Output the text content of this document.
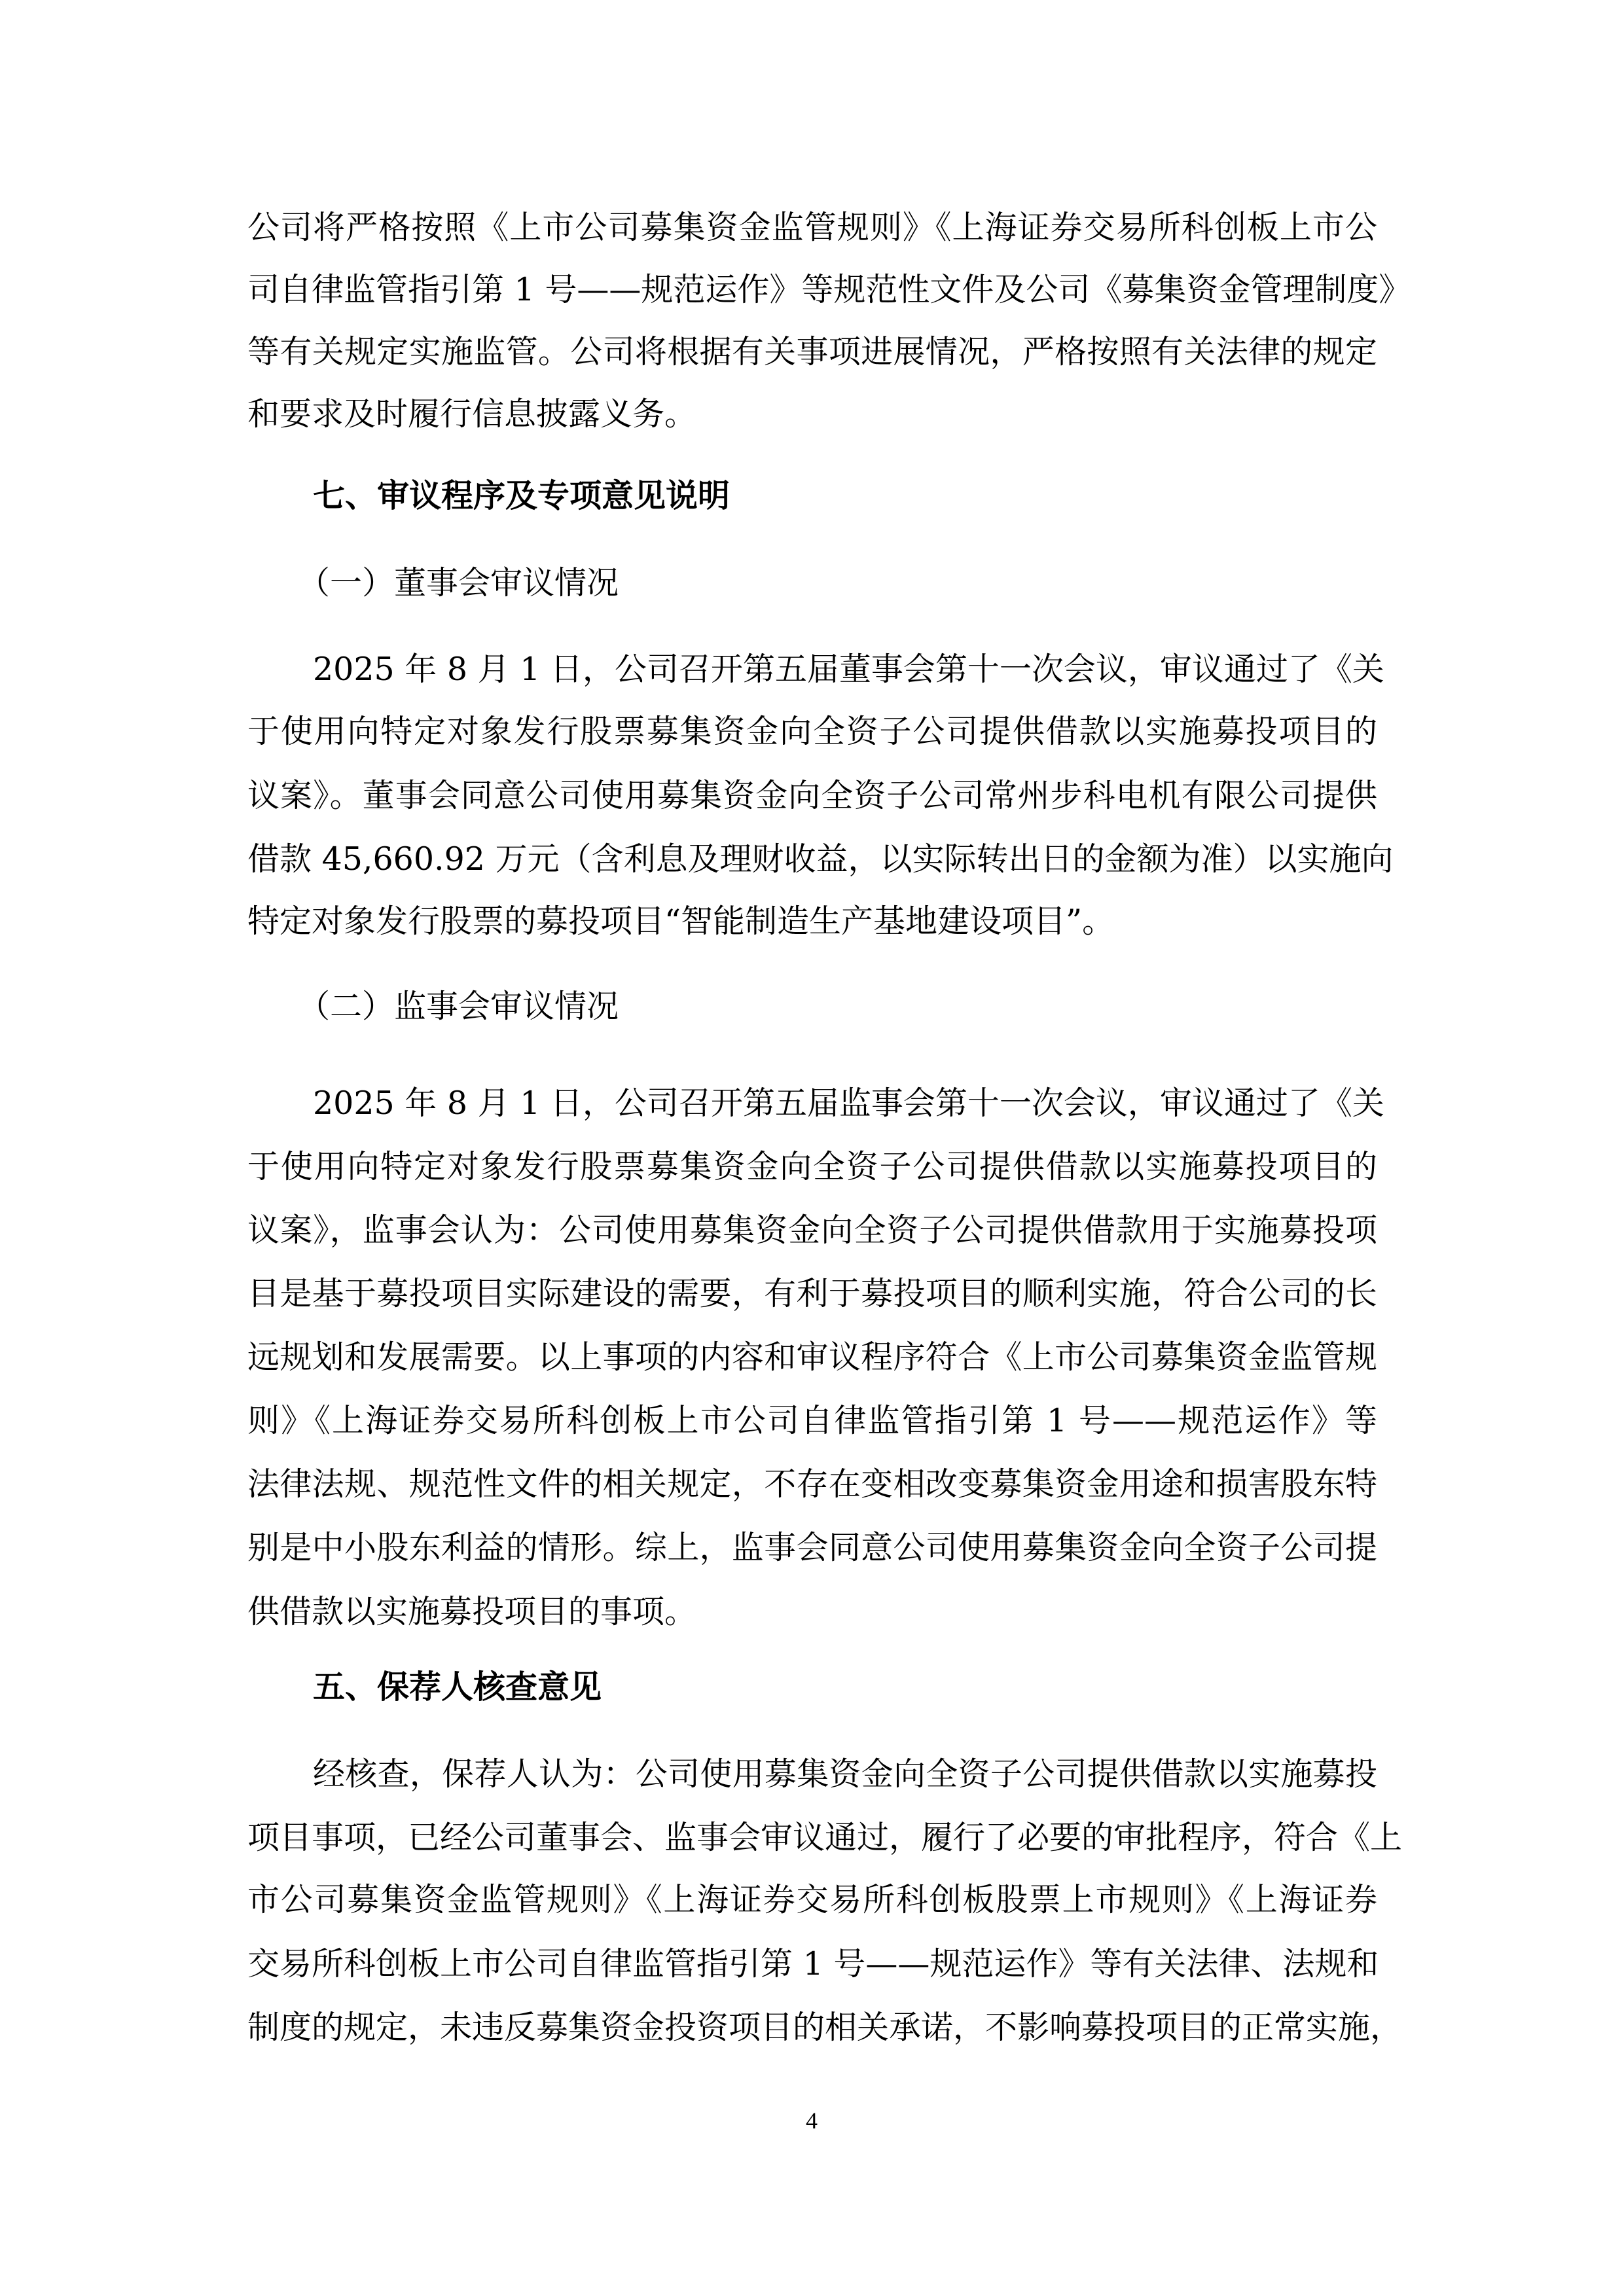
公司将严格按照《上市公司募集资金监管规则》《上海证券交易所科创板上市公
司自律监管指引第 1 号——规范运作》等规范性文件及公司《募集资金管理制度》
等有关规定实施监管。公司将根据有关事项进展情况，严格按照有关法律的规定
和要求及时履行信息披露义务。
七、审议程序及专项意见说明
（一）董事会审议情况
2025 年 8 月 1 日，公司召开第五届董事会第十一次会议，审议通过了《关
于使用向特定对象发行股票募集资金向全资子公司提供借款以实施募投项目的
议案》。董事会同意公司使用募集资金向全资子公司常州步科电机有限公司提供
借款 45,660.92 万元（含利息及理财收益，以实际转出日的金额为准）以实施向
特定对象发行股票的募投项目“智能制造生产基地建设项目”。
（二）监事会审议情况
2025 年 8 月 1 日，公司召开第五届监事会第十一次会议，审议通过了《关
于使用向特定对象发行股票募集资金向全资子公司提供借款以实施募投项目的
议案》，监事会认为：公司使用募集资金向全资子公司提供借款用于实施募投项
目是基于募投项目实际建设的需要，有利于募投项目的顺利实施，符合公司的长
远规划和发展需要。以上事项的内容和审议程序符合《上市公司募集资金监管规
则》《上海证券交易所科创板上市公司自律监管指引第 1 号——规范运作》等
法律法规、规范性文件的相关规定，不存在变相改变募集资金用途和损害股东特
别是中小股东利益的情形。综上，监事会同意公司使用募集资金向全资子公司提
供借款以实施募投项目的事项。
五、保荐人核查意见
经核查，保荐人认为：公司使用募集资金向全资子公司提供借款以实施募投
项目事项，已经公司董事会、监事会审议通过，履行了必要的审批程序，符合《上
市公司募集资金监管规则》《上海证券交易所科创板股票上市规则》《上海证券
交易所科创板上市公司自律监管指引第 1 号——规范运作》等有关法律、法规和
制度的规定，未违反募集资金投资项目的相关承诺，不影响募投项目的正常实施，
4
